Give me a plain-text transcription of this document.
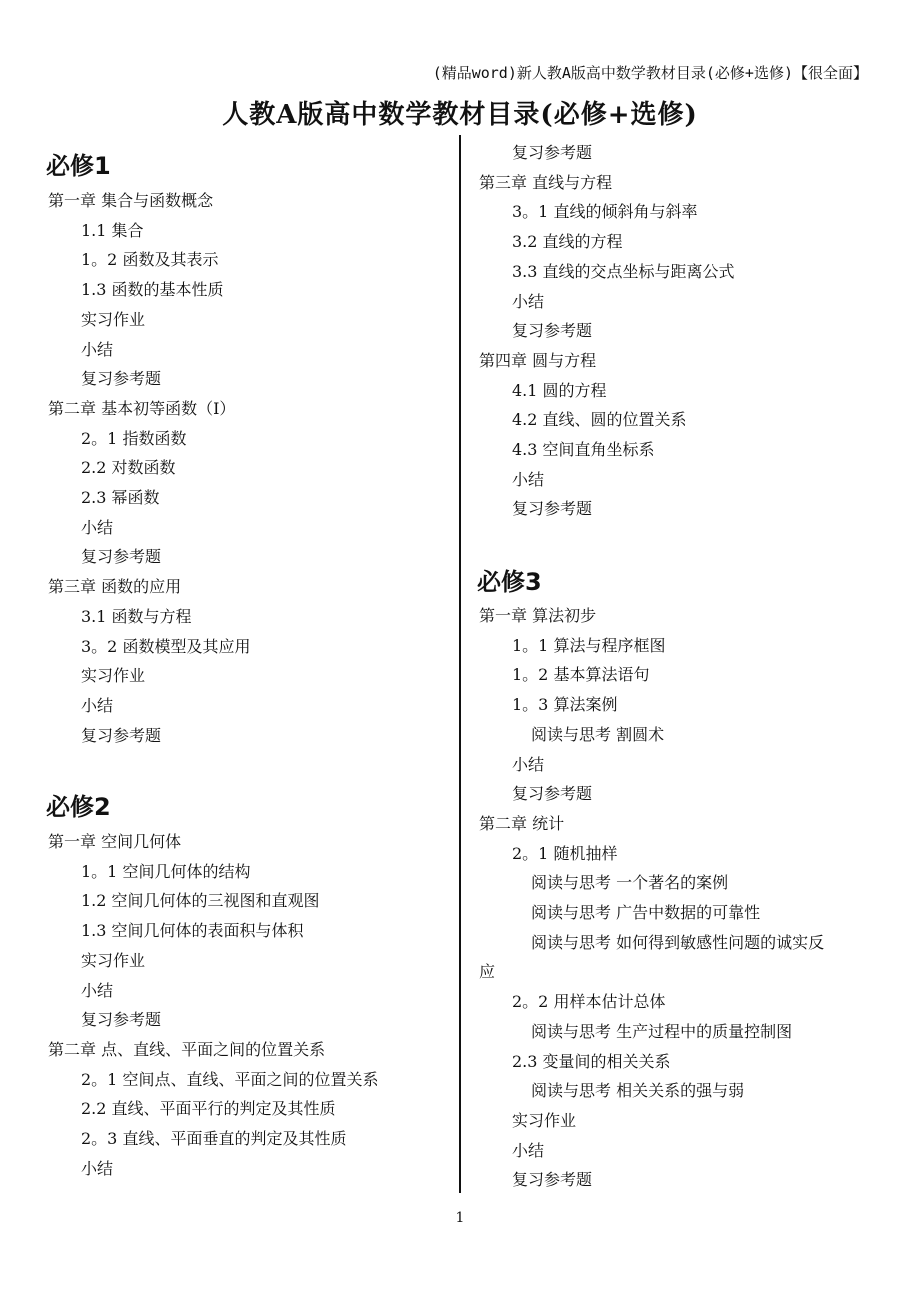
(精品word)新人教A版高中数学教材目录(必修+选修)【很全面】
人教A版高中数学教材目录(必修+选修)
必修1
第一章 集合与函数概念
1.1 集合
1。2 函数及其表示
1.3 函数的基本性质
实习作业
小结
复习参考题
第二章 基本初等函数（Ⅰ）
2。1 指数函数
2.2 对数函数
2.3 幂函数
小结
复习参考题
第三章 函数的应用
3.1 函数与方程
3。2 函数模型及其应用
实习作业
小结
复习参考题
必修2
第一章 空间几何体
1。1 空间几何体的结构
1.2 空间几何体的三视图和直观图
1.3 空间几何体的表面积与体积
实习作业
小结
复习参考题
第二章 点、直线、平面之间的位置关系
2。1 空间点、直线、平面之间的位置关系
2.2 直线、平面平行的判定及其性质
2。3 直线、平面垂直的判定及其性质
小结
复习参考题
第三章 直线与方程
3。1 直线的倾斜角与斜率
3.2 直线的方程
3.3 直线的交点坐标与距离公式
小结
复习参考题
第四章 圆与方程
4.1 圆的方程
4.2 直线、圆的位置关系
4.3 空间直角坐标系
小结
复习参考题
必修3
第一章 算法初步
1。1 算法与程序框图
1。2 基本算法语句
1。3 算法案例
阅读与思考 割圆术
小结
复习参考题
第二章 统计
2。1 随机抽样
阅读与思考 一个著名的案例
阅读与思考 广告中数据的可靠性
阅读与思考 如何得到敏感性问题的诚实反
应
2。2 用样本估计总体
阅读与思考 生产过程中的质量控制图
2.3 变量间的相关关系
阅读与思考 相关关系的强与弱
实习作业
小结
复习参考题
1
